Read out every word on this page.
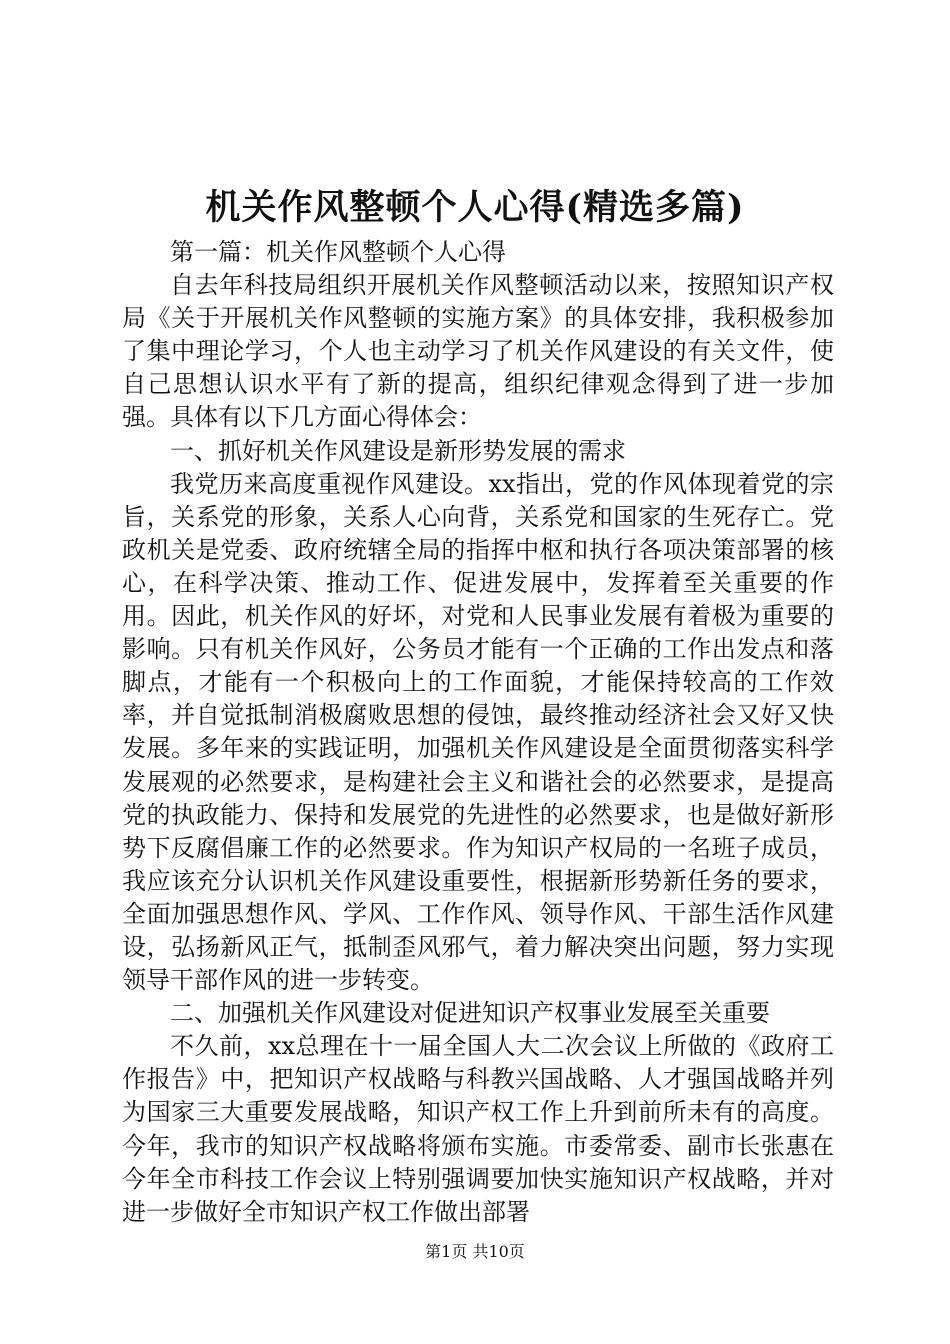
机关作风整顿个人心得(精选多篇)

第一篇：机关作风整顿个人心得

自去年科技局组织开展机关作风整顿活动以来，按照知识产权局《关于开展机关作风整顿的实施方案》的具体安排，我积极参加了集中理论学习，个人也主动学习了机关作风建设的有关文件，使自己思想认识水平有了新的提高，组织纪律观念得到了进一步加强。具体有以下几方面心得体会：

一、抓好机关作风建设是新形势发展的需求

我党历来高度重视作风建设。xx指出，党的作风体现着党的宗旨，关系党的形象，关系人心向背，关系党和国家的生死存亡。党政机关是党委、政府统辖全局的指挥中枢和执行各项决策部署的核心，在科学决策、推动工作、促进发展中，发挥着至关重要的作用。因此，机关作风的好坏，对党和人民事业发展有着极为重要的影响。只有机关作风好，公务员才能有一个正确的工作出发点和落脚点，才能有一个积极向上的工作面貌，才能保持较高的工作效率，并自觉抵制消极腐败思想的侵蚀，最终推动经济社会又好又快发展。多年来的实践证明，加强机关作风建设是全面贯彻落实科学发展观的必然要求，是构建社会主义和谐社会的必然要求，是提高党的执政能力、保持和发展党的先进性的必然要求，也是做好新形势下反腐倡廉工作的必然要求。作为知识产权局的一名班子成员，我应该充分认识机关作风建设重要性，根据新形势新任务的要求，全面加强思想作风、学风、工作作风、领导作风、干部生活作风建设，弘扬新风正气，抵制歪风邪气，着力解决突出问题，努力实现领导干部作风的进一步转变。

二、加强机关作风建设对促进知识产权事业发展至关重要

不久前，xx总理在十一届全国人大二次会议上所做的《政府工作报告》中，把知识产权战略与科教兴国战略、人才强国战略并列为国家三大重要发展战略，知识产权工作上升到前所未有的高度。今年，我市的知识产权战略将颁布实施。市委常委、副市长张惠在今年全市科技工作会议上特别强调要加快实施知识产权战略，并对进一步做好全市知识产权工作做出部署

第1页 共10页
